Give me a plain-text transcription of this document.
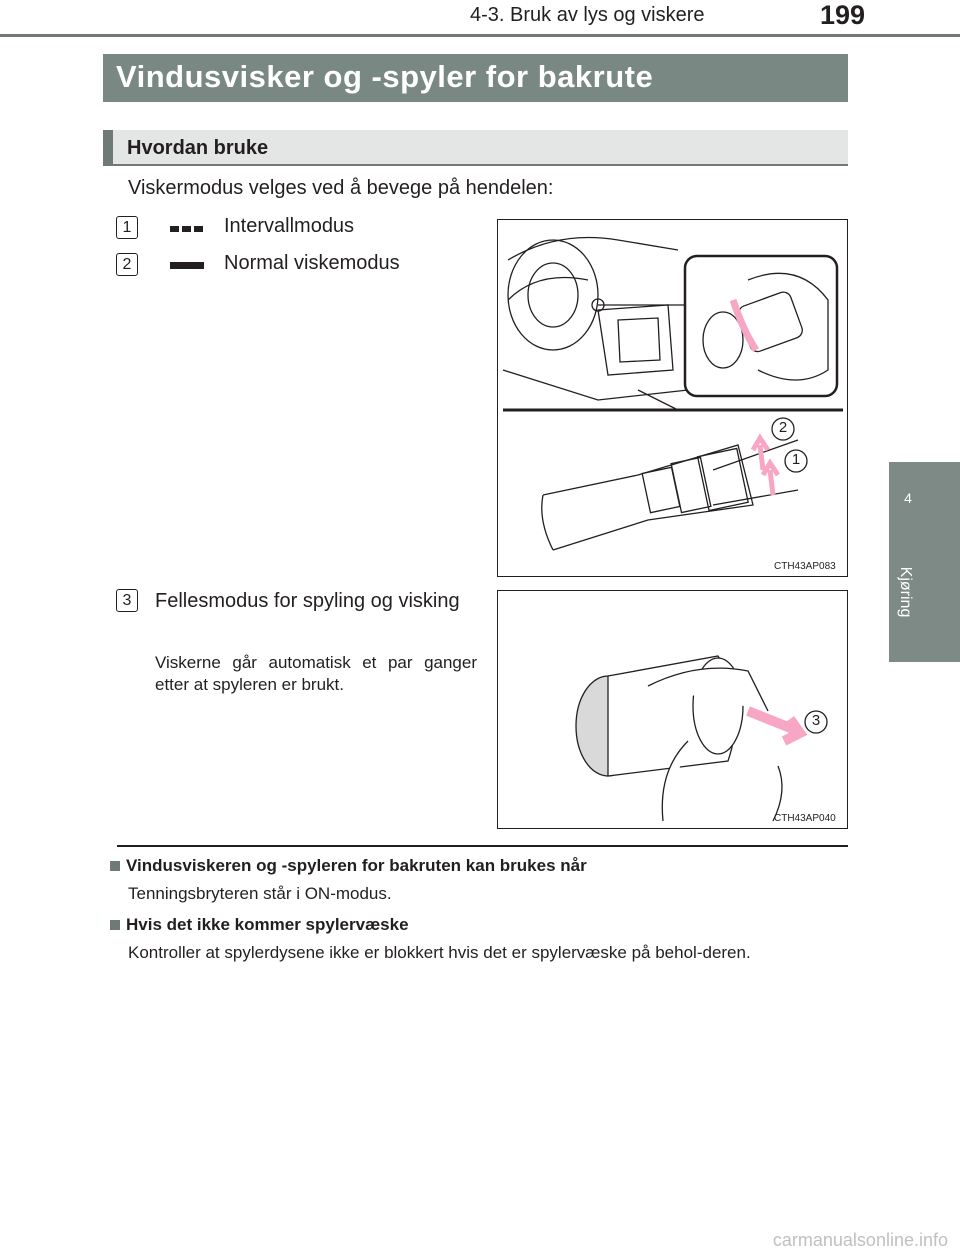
4-3. Bruk av lys og viskere	199
4
Kjøring
Vindusvisker og -spyler for bakrute
Hvordan bruke
Viskermodus velges ved å bevege på hendelen:
1	Intervallmodus
2	Normal viskemodus
2
1
CTH43AP083
3	Fellesmodus for spyling og visking
Viskerne går automatisk et par ganger etter at spyleren er brukt.
3
CTH43AP040
Vindusviskeren og -spyleren for bakruten kan brukes når
Tenningsbryteren står i ON-modus.
Hvis det ikke kommer spylervæske
Kontroller at spylerdysene ikke er blokkert hvis det er spylervæske på behol-deren.
carmanualsonline.info
